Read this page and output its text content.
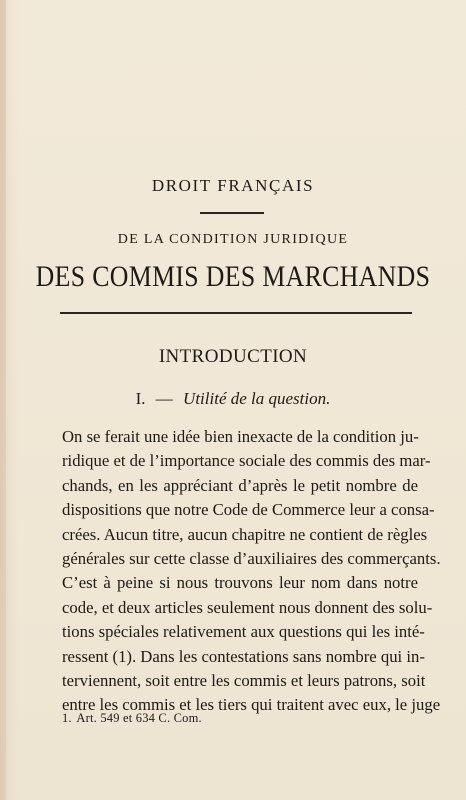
DROIT FRANÇAIS
DE LA CONDITION JURIDIQUE
DES COMMIS DES MARCHANDS
INTRODUCTION
I. — Utilité de la question.
On se ferait une idée bien inexacte de la condition ju-
ridique et de l’importance sociale des commis des mar-
chands, en les appréciant d’après le petit nombre de
dispositions que notre Code de Commerce leur a consa-
crées. Aucun titre, aucun chapitre ne contient de règles
générales sur cette classe d’auxiliaires des commerçants.
C’est à peine si nous trouvons leur nom dans notre
code, et deux articles seulement nous donnent des solu-
tions spéciales relativement aux questions qui les inté-
ressent (1). Dans les contestations sans nombre qui in-
terviennent, soit entre les commis et leurs patrons, soit
entre les commis et les tiers qui traitent avec eux, le juge
1. Art. 549 et 634 C. Com.
